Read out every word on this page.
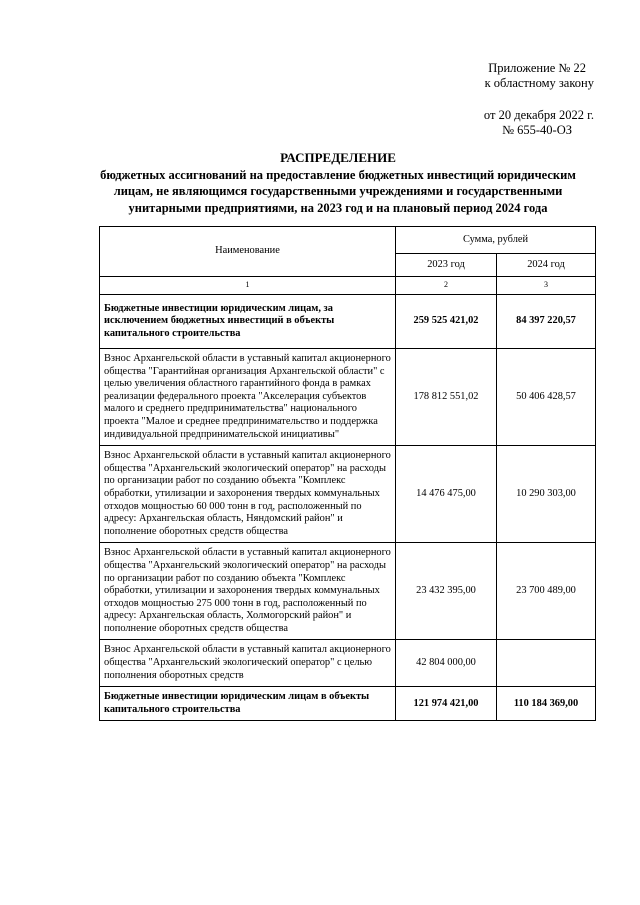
Приложение № 22
к областному закону
от 20 декабря 2022 г.
№ 655-40-ОЗ
РАСПРЕДЕЛЕНИЕ
бюджетных ассигнований на предоставление бюджетных инвестиций юридическим
лицам, не являющимся государственными учреждениями и государственными
унитарными предприятиями, на 2023 год и на плановый период 2024 года
Наименование	Сумма, рублей	
	2023 год	2024 год
1	2	3
Бюджетные инвестиции юридическим лицам, за исключением бюджетных инвестиций в объекты капитального строительства	259 525 421,02	84 397 220,57
Взнос Архангельской области в уставный капитал акционерного общества "Гарантийная организация Архангельской области" с целью увеличения областного гарантийного фонда в рамках реализации федерального проекта "Акселерация субъектов малого и среднего предпринимательства" национального проекта "Малое и среднее предпринимательство и поддержка индивидуальной предпринимательской инициативы"	178 812 551,02	50 406 428,57
Взнос Архангельской области в уставный капитал акционерного общества "Архангельский экологический оператор" на расходы по организации работ по созданию объекта "Комплекс обработки, утилизации и захоронения твердых коммунальных отходов мощностью 60 000 тонн в год, расположенный по адресу: Архангельская область, Няндомский район" и пополнение оборотных средств общества	14 476 475,00	10 290 303,00
Взнос Архангельской области в уставный капитал акционерного общества "Архангельский экологический оператор" на расходы по организации работ по созданию объекта "Комплекс обработки, утилизации и захоронения твердых коммунальных отходов мощностью 275 000 тонн в год, расположенный по адресу: Архангельская область, Холмогорский район" и пополнение оборотных средств общества	23 432 395,00	23 700 489,00
Взнос Архангельской области в уставный капитал акционерного общества "Архангельский экологический оператор" с целью пополнения оборотных средств	42 804 000,00	
Бюджетные инвестиции юридическим лицам в объекты капитального строительства	121 974 421,00	110 184 369,00
